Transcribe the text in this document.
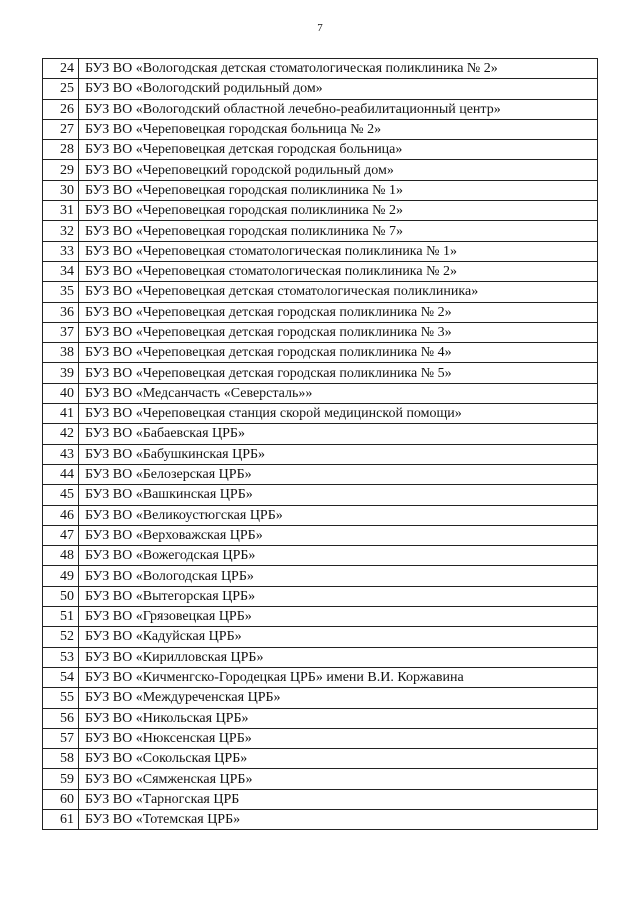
7
24	БУЗ ВО «Вологодская детская стоматологическая поликлиника № 2»
25	БУЗ ВО «Вологодский родильный дом»
26	БУЗ ВО «Вологодский областной лечебно-реабилитационный центр»
27	БУЗ ВО «Череповецкая городская больница № 2»
28	БУЗ ВО «Череповецкая детская городская больница»
29	БУЗ ВО «Череповецкий городской родильный дом»
30	БУЗ ВО «Череповецкая городская поликлиника № 1»
31	БУЗ ВО «Череповецкая городская поликлиника № 2»
32	БУЗ ВО «Череповецкая городская поликлиника № 7»
33	БУЗ ВО «Череповецкая стоматологическая поликлиника № 1»
34	БУЗ ВО «Череповецкая стоматологическая поликлиника № 2»
35	БУЗ ВО «Череповецкая детская стоматологическая поликлиника»
36	БУЗ ВО «Череповецкая детская городская поликлиника № 2»
37	БУЗ ВО «Череповецкая детская городская поликлиника № 3»
38	БУЗ ВО «Череповецкая детская городская поликлиника № 4»
39	БУЗ ВО «Череповецкая детская городская поликлиника № 5»
40	БУЗ ВО «Медсанчасть «Северсталь»»
41	БУЗ ВО «Череповецкая станция скорой медицинской помощи»
42	БУЗ ВО «Бабаевская ЦРБ»
43	БУЗ ВО «Бабушкинская ЦРБ»
44	БУЗ ВО «Белозерская ЦРБ»
45	БУЗ ВО «Вашкинская ЦРБ»
46	БУЗ ВО «Великоустюгская ЦРБ»
47	БУЗ ВО «Верховажская ЦРБ»
48	БУЗ ВО «Вожегодская ЦРБ»
49	БУЗ ВО «Вологодская ЦРБ»
50	БУЗ ВО «Вытегорская ЦРБ»
51	БУЗ ВО «Грязовецкая ЦРБ»
52	БУЗ ВО «Кадуйская ЦРБ»
53	БУЗ ВО «Кирилловская ЦРБ»
54	БУЗ ВО «Кичменгско-Городецкая ЦРБ» имени В.И. Коржавина
55	БУЗ ВО «Междуреченская ЦРБ»
56	БУЗ ВО «Никольская ЦРБ»
57	БУЗ ВО «Нюксенская ЦРБ»
58	БУЗ ВО «Сокольская ЦРБ»
59	БУЗ ВО «Сямженская ЦРБ»
60	БУЗ ВО «Тарногская ЦРБ
61	БУЗ ВО «Тотемская ЦРБ»
